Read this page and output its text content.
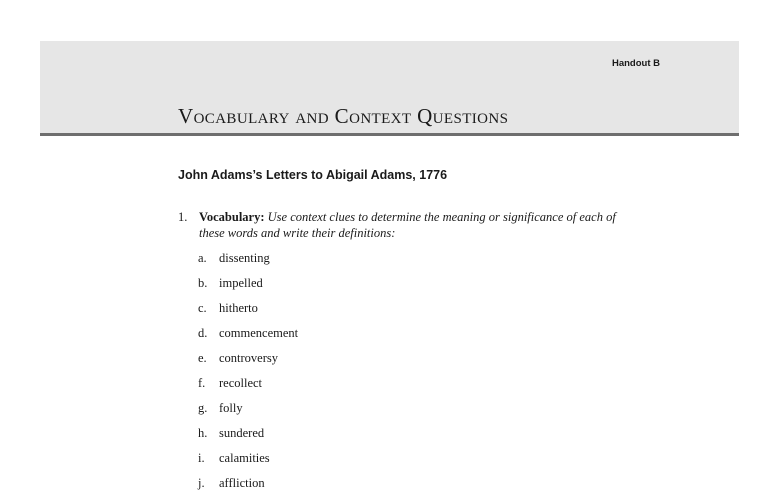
Handout B
Vocabulary and Context Questions
John Adams’s Letters to Abigail Adams, 1776
1. Vocabulary: Use context clues to determine the meaning or significance of each of these words and write their definitions:
a. dissenting
b. impelled
c. hitherto
d. commencement
e. controversy
f. recollect
g. folly
h. sundered
i. calamities
j. affliction
